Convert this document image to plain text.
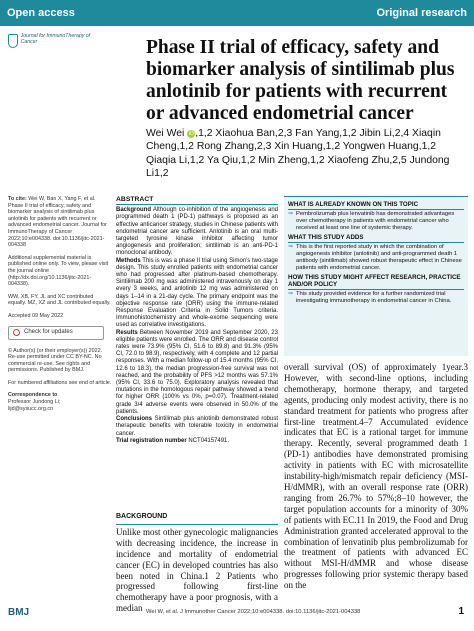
Open access	Original research
Journal for ImmunoTherapy of Cancer	Phase II trial of efficacy, safety and biomarker analysis of sintilimab plus anlotinib for patients with recurrent or advanced endometrial cancer
Wei Wei iD ,1,2 Xiaohua Ban,2,3 Fan Yang,1,2 Jibin Li,2,4 Xiaqin Cheng,1,2 Rong Zhang,2,3 Xin Huang,1,2 Yongwen Huang,1,2 Qiaqia Li,1,2 Ya Qiu,1,2 Min Zheng,1,2 Xiaofeng Zhu,2,5 Jundong Li1,2

To cite: Wei W, Ban X, Yang F, et al. Phase II trial of efficacy, safety and biomarker analysis of sintilimab plus anlotinib for patients with recurrent or advanced endometrial cancer. Journal for ImmunoTherapy of Cancer 2022;10:e004338. doi:10.1136/jitc-2021-004338

Additional supplemental material is published online only. To view, please visit the journal online (http://dx.doi.org/10.1136/jitc-2021-004338).

WW, XB, FY, JL and XC contributed equally. MZ, XZ and JL contributed equally.

Accepted 09 May 2022

Check for updates

© Author(s) (or their employer(s)) 2022. Re-use permitted under CC BY-NC. No commercial re-use. See rights and permissions. Published by BMJ.

For numbered affiliations see end of article.

Correspondence to
Professor Jundong Li;
lijd@sysucc.org.cn

ABSTRACT

Background Although co-inhibition of the angiogenesis and programmed death 1 (PD-1) pathways is proposed as an effective anticancer strategy, studies in Chinese patients with endometrial cancer are sufficient. Anlotinib is an oral multi-targeted tyrosine kinase inhibitor affecting tumor angiogenesis and proliferation; sintilimab is an anti-PD-1 monoclonal antibody.

Methods This is was a phase II trial using Simon's two-stage design. This study enrolled patients with endometrial cancer who had progressed after platinum-based chemotherapy. Sintilimab 200 mg was administered intravenously on day 1 every 3 weeks, and anlotinib 12 mg was administered on days 1–14 in a 21-day cycle. The primary endpoint was the objective response rate (ORR) using the immune-related Response Evaluation Criteria in Solid Tumors criteria. Immunohistochemistry and whole-exome sequencing were used as correlative investigations.

Results Between November 2019 and September 2020, 23 eligible patients were enrolled. The ORR and disease control rates were 73.9% (95% CI, 51.6 to 89.8) and 91.3% (95% CI, 72.0 to 98.9), respectively, with 4 complete and 12 partial responses. With a median follow-up of 15.4 months (95% CI, 12.6 to 18.3), the median progression-free survival was not reached, and the probability of PFS >12 months was 57.1% (95% CI, 33.6 to 75.0). Exploratory analysis revealed that mutations in the homologous repair pathway showed a trend for higher ORR (100% vs 0%, p=0.07). Treatment-related grade 3/4 adverse events were observed in 50.0% of the patients.

Conclusions Sintilimab plus anlotinib demonstrated robust therapeutic benefits with tolerable toxicity in endometrial cancer.

Trial registration number NCT04157491.

WHAT IS ALREADY KNOWN ON THIS TOPIC
⇒ Pembrolizumab plus lenvatinib has demonstrated advantages over chemotherapy in patients with endometrial cancer who received at least one line of systemic therapy.
WHAT THIS STUDY ADDS
⇒ This is the first reported study in which the combination of angiogenesis inhibitor (anlotinib) and anti-programmed death 1 antibody (sintilimab) showed robust therapeutic effect in Chinese patients with endometrial cancer.
HOW THIS STUDY MIGHT AFFECT RESEARCH, PRACTICE AND/OR POLICY
⇒ This study provided evidence for a further randomized trial investigating immunotherapy in endometrial cancer in China.
BACKGROUND

Unlike most other gynecologic malignancies with decreasing incidence, the increase in incidence and mortality of endometrial cancer (EC) in developed countries has also been noted in China.1 2 Patients who progressed following first-line chemotherapy have a poor prognosis, with a median

overall survival (OS) of approximately 1year.3 However, with second-line options, including chemotherapy, hormone therapy, and targeted agents, producing only modest activity, there is no standard treatment for patients who progress after first-line treatment.4–7 Accumulated evidence indicates that EC is a rational target for immune therapy. Recently, several programmed death 1 (PD-1) antibodies have demonstrated promising activity in patients with EC with microsatellite instability-high/mismatch repair deficiency (MSI-H/dMMR), with an overall response rate (ORR) ranging from 26.7% to 57%;8–10 however, the target population accounts for a minority of 30% of patients with EC.11 In 2019, the Food and Drug Administration granted accelerated approval to the combination of lenvatinib plus pembrolizumab for the treatment of patients with advanced EC without MSI-H/dMMR and whose disease progresses following prior systemic therapy based on the

BMJ	Wei W, et al. J Immunother Cancer 2022;10:e004338. doi:10.1136/jitc-2021-004338	1
